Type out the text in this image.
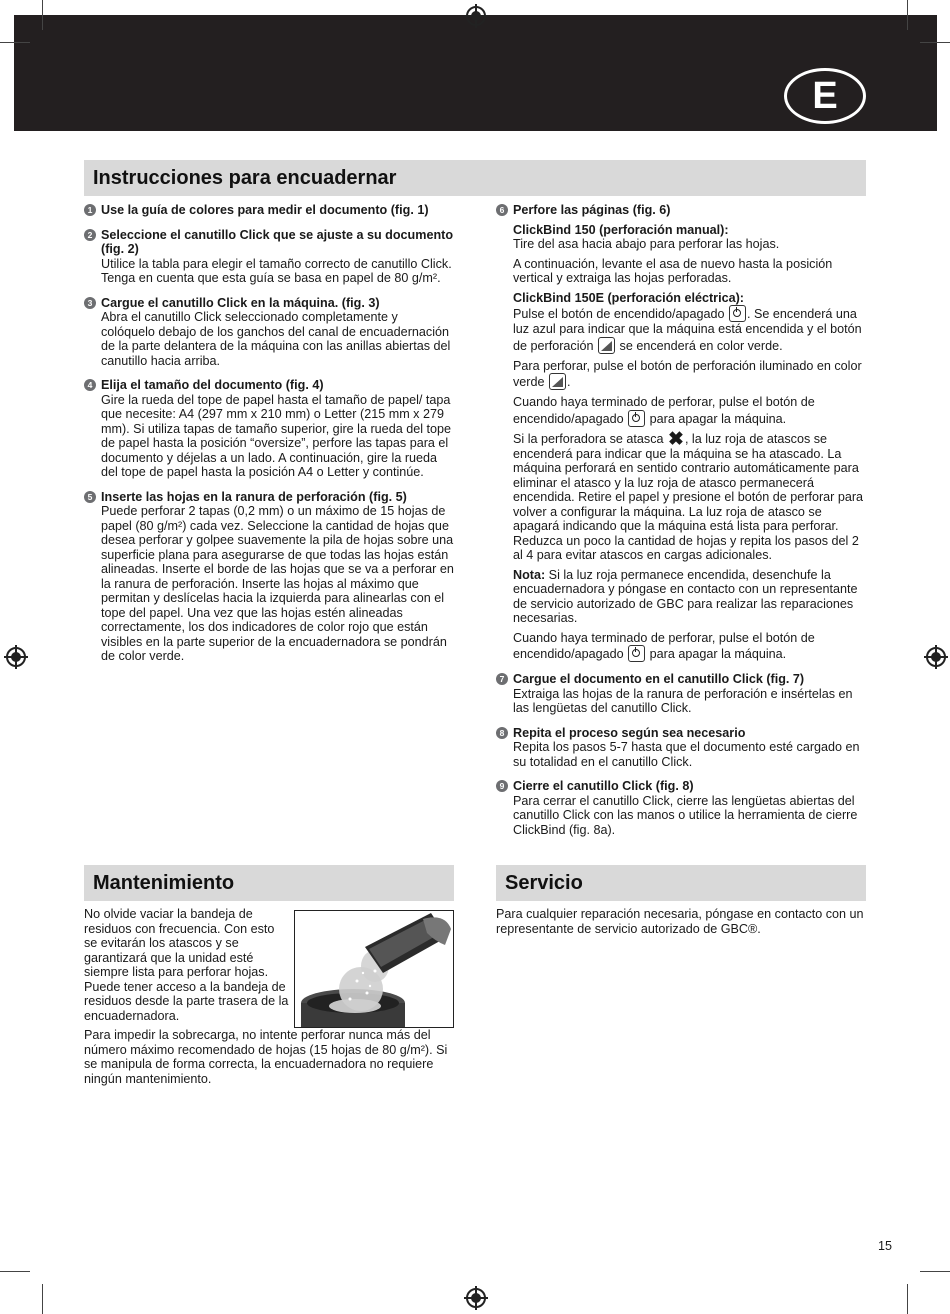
E
Instrucciones para encuadernar
1 Use la guía de colores para medir el documento (fig. 1)
2 Seleccione el canutillo Click que se ajuste a su documento (fig. 2)

Utilice la tabla para elegir el tamaño correcto de canutillo Click. Tenga en cuenta que esta guía se basa en papel de 80 g/m².

3 Cargue el canutillo Click en la máquina. (fig. 3)

Abra el canutillo Click seleccionado completamente y colóquelo debajo de los ganchos del canal de encuadernación de la parte delantera de la máquina con las anillas abiertas del canutillo hacia arriba.

4 Elija el tamaño del documento (fig. 4)

Gire la rueda del tope de papel hasta el tamaño de papel/ tapa que necesite: A4 (297 mm x 210 mm) o Letter (215 mm x 279 mm). Si utiliza tapas de tamaño superior, gire la rueda del tope de papel hasta la posición “oversize”, perfore las tapas para el documento y déjelas a un lado. A continuación, gire la rueda del tope de papel hasta la posición A4 o Letter y continúe.

5 Inserte las hojas en la ranura de perforación (fig. 5)

Puede perforar 2 tapas (0,2 mm) o un máximo de 15 hojas de papel (80 g/m²) cada vez. Seleccione la cantidad de hojas que desea perforar y golpee suavemente la pila de hojas sobre una superficie plana para asegurarse de que todas las hojas están alineadas. Inserte el borde de las hojas que se va a perforar en la ranura de perforación. Inserte las hojas al máximo que permitan y deslícelas hacia la izquierda para alinearlas con el tope del papel. Una vez que las hojas estén alineadas correctamente, los dos indicadores de color rojo que están visibles en la parte superior de la encuadernadora se pondrán de color verde.

6 Perfore las páginas (fig. 6)
ClickBind 150 (perforación manual):

Tire del asa hacia abajo para perforar las hojas.

A continuación, levante el asa de nuevo hasta la posición vertical y extraiga las hojas perforadas.

ClickBind 150E (perforación eléctrica):

Pulse el botón de encendido/apagado . Se encenderá una luz azul para indicar que la máquina está encendida y el botón de perforación se encenderá en color verde.

Para perforar, pulse el botón de perforación iluminado en color verde .

Cuando haya terminado de perforar, pulse el botón de encendido/apagado para apagar la máquina.

Si la perforadora se atasca ✖, la luz roja de atascos se encenderá para indicar que la máquina se ha atascado. La máquina perforará en sentido contrario automáticamente para eliminar el atasco y la luz roja de atasco permanecerá encendida. Retire el papel y presione el botón de perforar para volver a configurar la máquina. La luz roja de atasco se apagará indicando que la máquina está lista para perforar. Reduzca un poco la cantidad de hojas y repita los pasos del 2 al 4 para evitar atascos en cargas adicionales.

Nota: Si la luz roja permanece encendida, desenchufe la encuadernadora y póngase en contacto con un representante de servicio autorizado de GBC para realizar las reparaciones necesarias.

Cuando haya terminado de perforar, pulse el botón de encendido/apagado para apagar la máquina.

7 Cargue el documento en el canutillo Click (fig. 7)

Extraiga las hojas de la ranura de perforación e insértelas en las lengüetas del canutillo Click.

8 Repita el proceso según sea necesario

Repita los pasos 5-7 hasta que el documento esté cargado en su totalidad en el canutillo Click.

9 Cierre el canutillo Click (fig. 8)

Para cerrar el canutillo Click, cierre las lengüetas abiertas del canutillo Click con las manos o utilice la herramienta de cierre ClickBind (fig. 8a).

Mantenimiento

No olvide vaciar la bandeja de residuos con frecuencia. Con esto se evitarán los atascos y se garantizará que la unidad esté siempre lista para perforar hojas. Puede tener acceso a la bandeja de residuos desde la parte trasera de la encuadernadora.

Para impedir la sobrecarga, no intente perforar nunca más del número máximo recomendado de hojas (15 hojas de 80 g/m²). Si se manipula de forma correcta, la encuadernadora no requiere ningún mantenimiento.

Servicio

Para cualquier reparación necesaria, póngase en contacto con un representante de servicio autorizado de GBC®.

15
